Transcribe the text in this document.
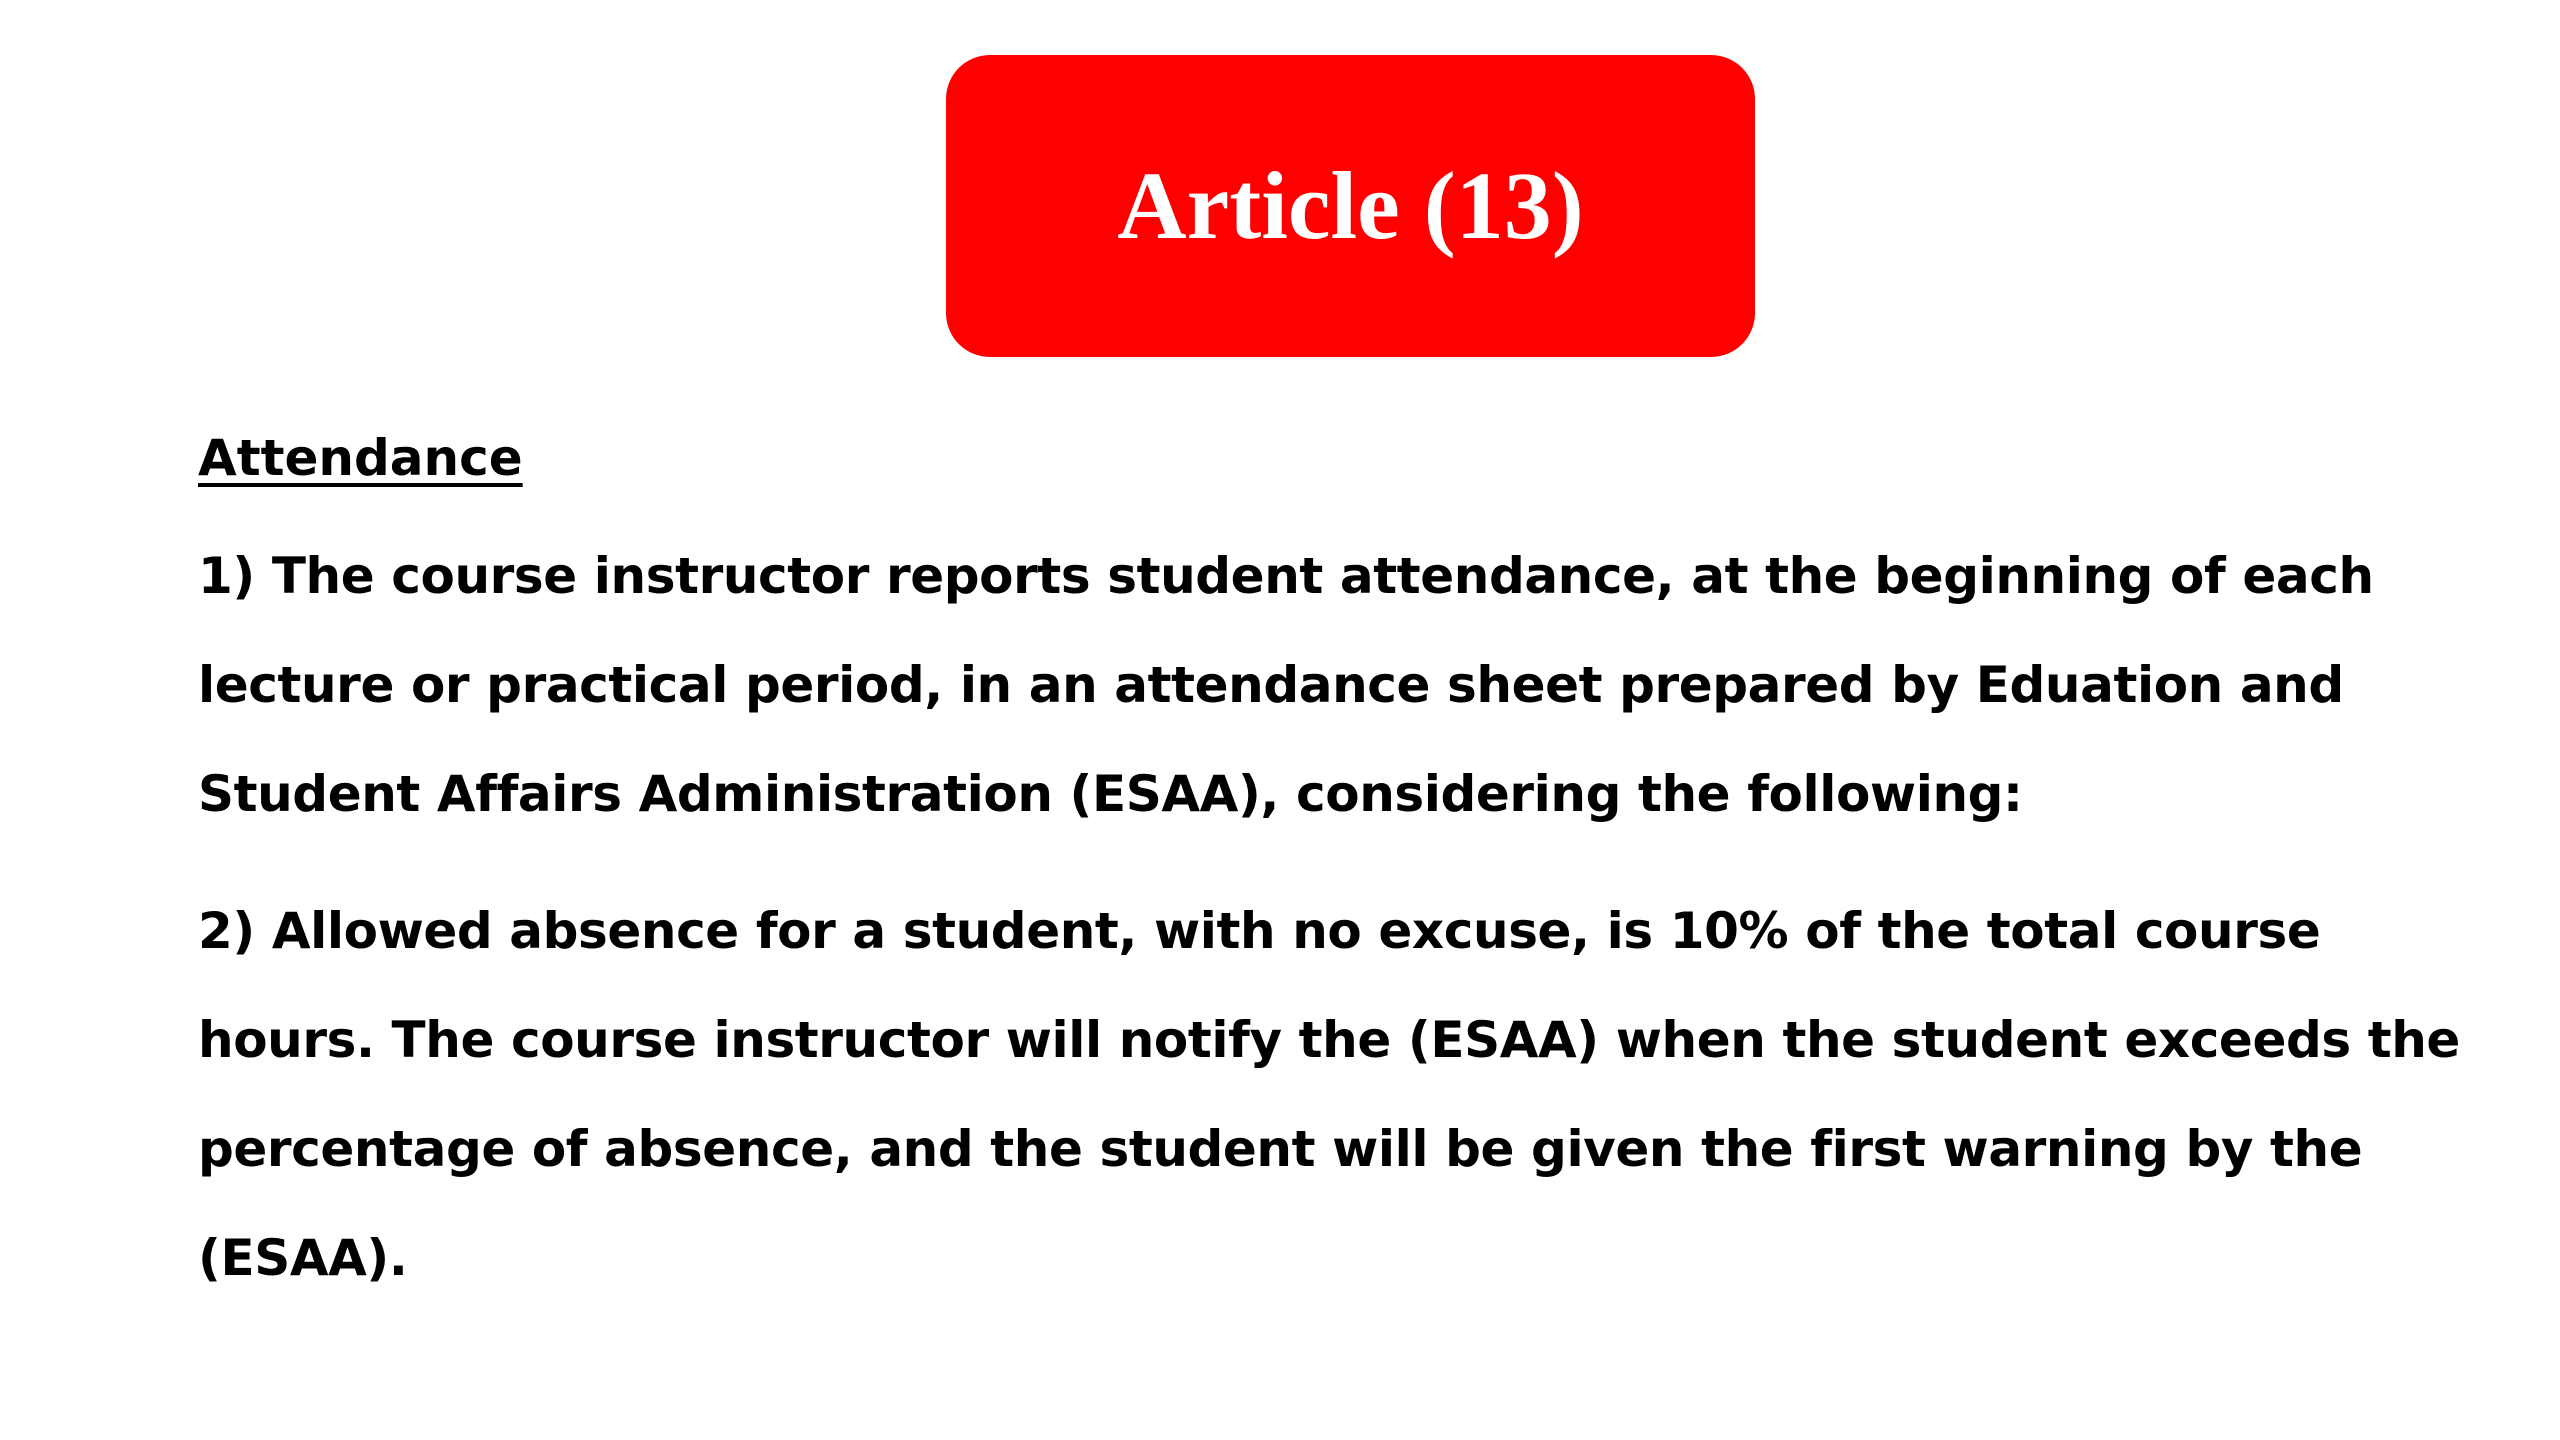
Article (13)
Attendance
1) The course instructor reports student attendance, at the beginning of each
lecture or practical period, in an attendance sheet prepared by Eduation and
Student Affairs Administration (ESAA), considering the following:
2) Allowed absence for a student, with no excuse, is 10% of the total course
hours. The course instructor will notify the (ESAA) when the student exceeds the
percentage of absence, and the student will be given the first warning by the
(ESAA).
